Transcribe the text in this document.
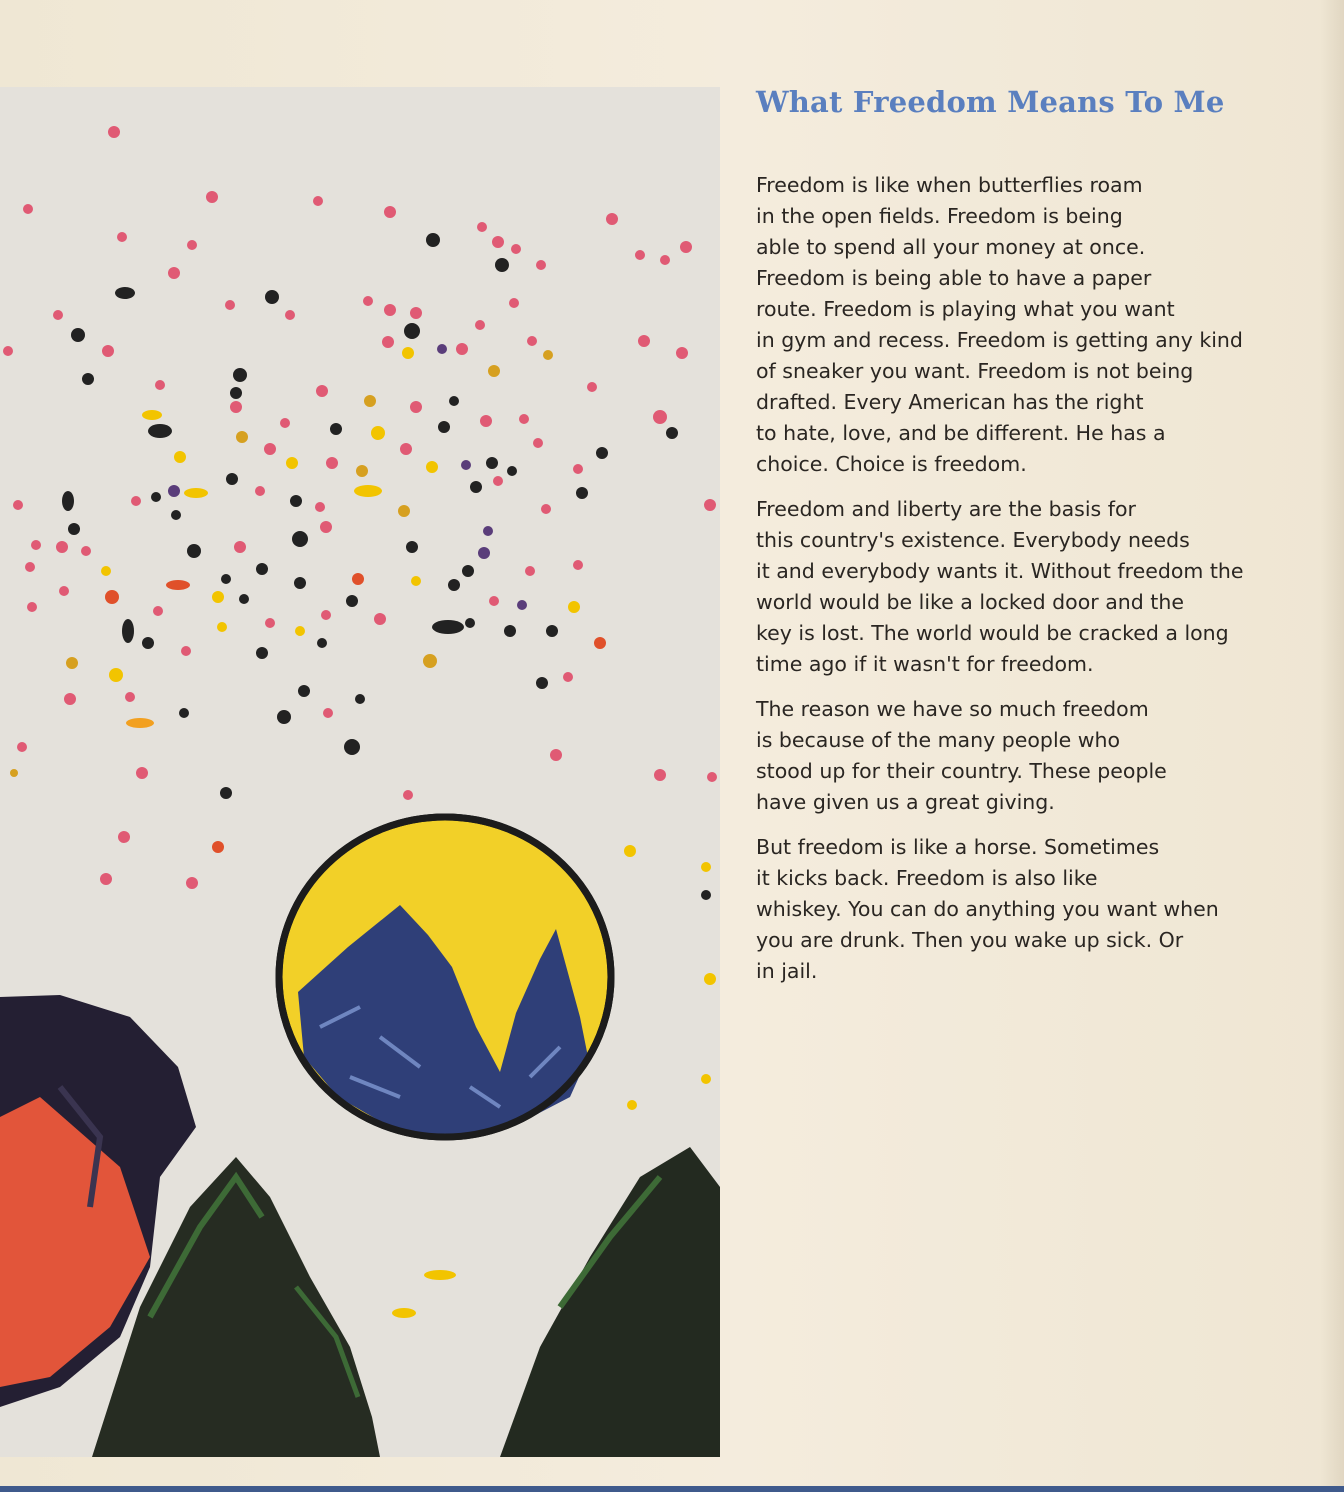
What Freedom Means To Me

Freedom is like when butterflies roam
in the open fields. Freedom is being
able to spend all your money at once.
Freedom is being able to have a paper
route. Freedom is playing what you want
in gym and recess. Freedom is getting any kind
of sneaker you want. Freedom is not being
drafted. Every American has the right
to hate, love, and be different. He has a
choice. Choice is freedom.

Freedom and liberty are the basis for
this country's existence. Everybody needs
it and everybody wants it. Without freedom the
world would be like a locked door and the
key is lost. The world would be cracked a long
time ago if it wasn't for freedom.

The reason we have so much freedom
is because of the many people who
stood up for their country. These people
have given us a great giving.

But freedom is like a horse. Sometimes
it kicks back. Freedom is also like
whiskey. You can do anything you want when
you are drunk. Then you wake up sick. Or
in jail.
